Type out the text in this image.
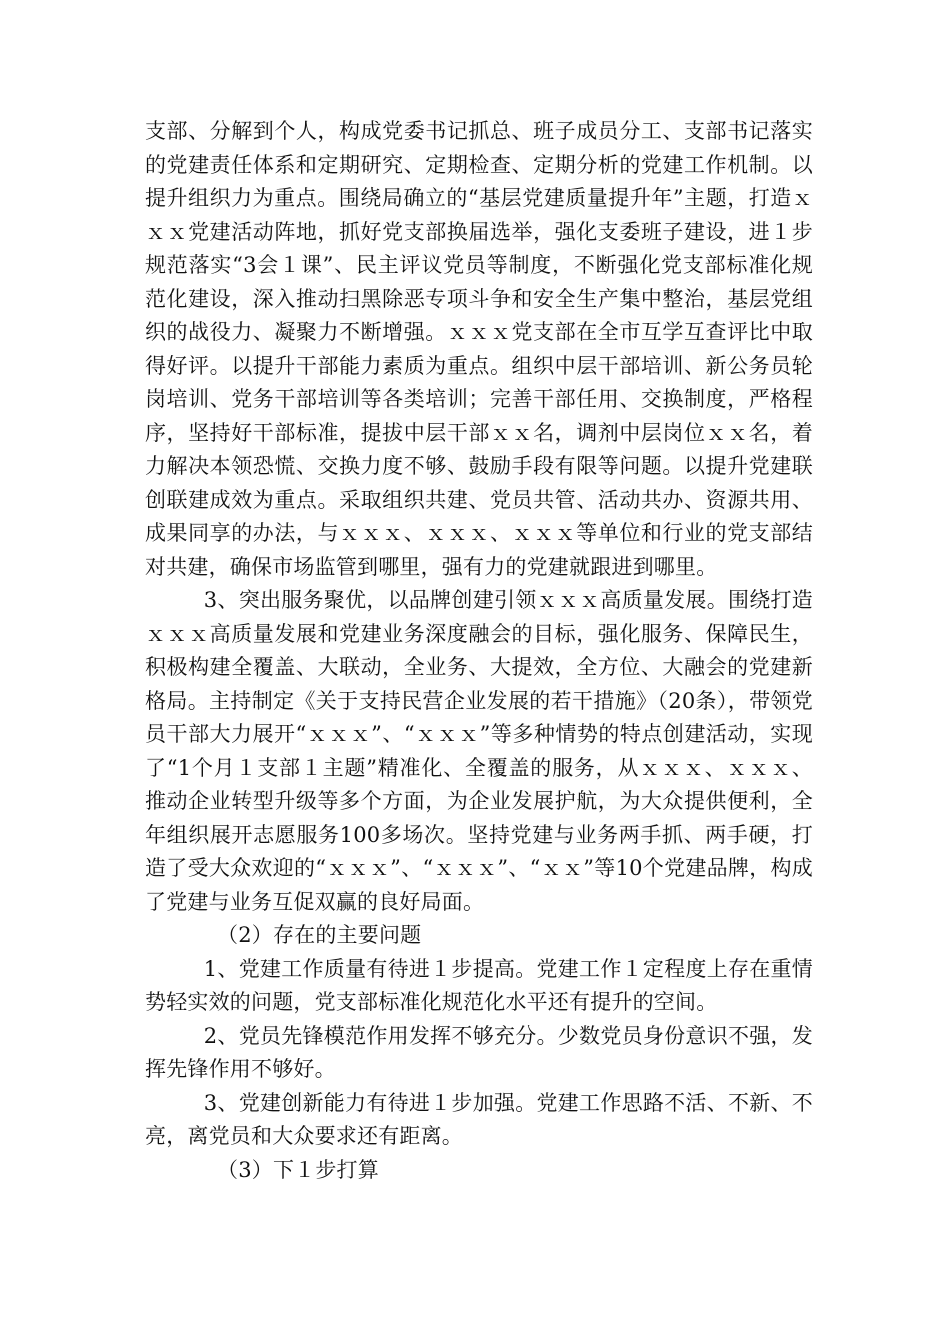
支部、分解到个人，构成党委书记抓总、班子成员分工、支部书记落实的党建责任体系和定期研究、定期检查、定期分析的党建工作机制。以提升组织力为重点。围绕局确立的“基层党建质量提升年”主题，打造ｘｘｘ党建活动阵地，抓好党支部换届选举，强化支委班子建设，进１步规范落实“3会１课”、民主评议党员等制度，不断强化党支部标准化规范化建设，深入推动扫黑除恶专项斗争和安全生产集中整治，基层党组织的战役力、凝聚力不断增强。ｘｘｘ党支部在全市互学互查评比中取得好评。以提升干部能力素质为重点。组织中层干部培训、新公务员轮岗培训、党务干部培训等各类培训；完善干部任用、交换制度，严格程序，坚持好干部标准，提拔中层干部ｘｘ名，调剂中层岗位ｘｘ名，着力解决本领恐慌、交换力度不够、鼓励手段有限等问题。以提升党建联创联建成效为重点。采取组织共建、党员共管、活动共办、资源共用、成果同享的办法，与ｘｘｘ、ｘｘｘ、ｘｘｘ等单位和行业的党支部结对共建，确保市场监管到哪里，强有力的党建就跟进到哪里。

3、突出服务聚优，以品牌创建引领ｘｘｘ高质量发展。围绕打造ｘｘｘ高质量发展和党建业务深度融会的目标，强化服务、保障民生，积极构建全覆盖、大联动，全业务、大提效，全方位、大融会的党建新格局。主持制定《关于支持民营企业发展的若干措施》（20条），带领党员干部大力展开“ｘｘｘ”、“ｘｘｘ”等多种情势的特点创建活动，实现了“1个月１支部１主题”精准化、全覆盖的服务，从ｘｘｘ、ｘｘｘ、推动企业转型升级等多个方面，为企业发展护航，为大众提供便利，全年组织展开志愿服务100多场次。坚持党建与业务两手抓、两手硬，打造了受大众欢迎的“ｘｘｘ”、“ｘｘｘ”、“ｘｘ”等10个党建品牌，构成了党建与业务互促双赢的良好局面。

（2）存在的主要问题

1、党建工作质量有待进１步提高。党建工作１定程度上存在重情势轻实效的问题，党支部标准化规范化水平还有提升的空间。

2、党员先锋模范作用发挥不够充分。少数党员身份意识不强，发挥先锋作用不够好。

3、党建创新能力有待进１步加强。党建工作思路不活、不新、不亮，离党员和大众要求还有距离。

（3）下１步打算
